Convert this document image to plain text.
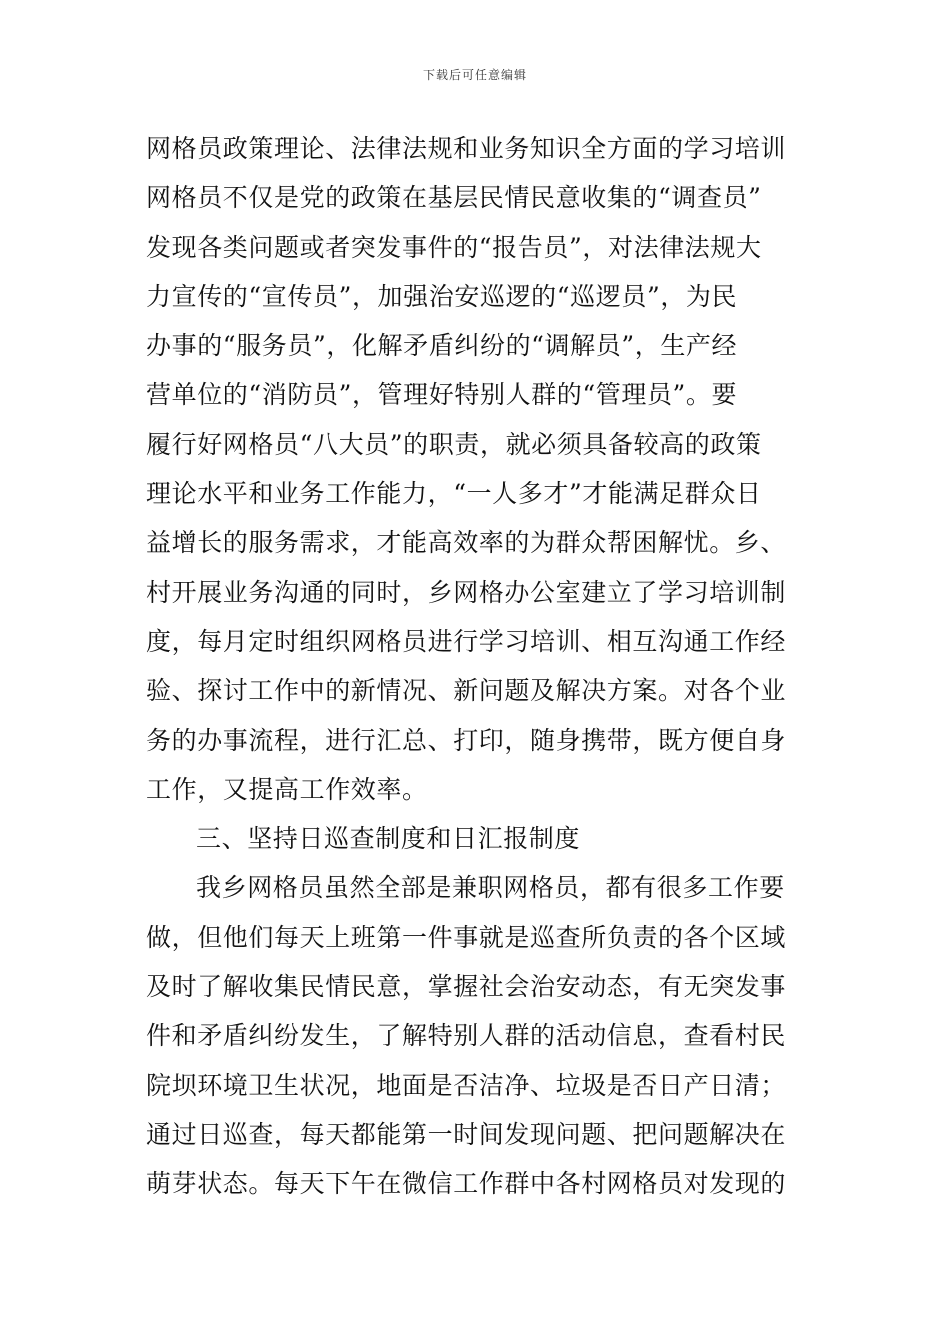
下载后可任意编辑
网格员政策理论、法律法规和业务知识全方面的学习培训
网格员不仅是党的政策在基层民情民意收集的“调查员”
发现各类问题或者突发事件的“报告员”，对法律法规大
力宣传的“宣传员”，加强治安巡逻的“巡逻员”，为民
办事的“服务员”，化解矛盾纠纷的“调解员”，生产经
营单位的“消防员”，管理好特别人群的“管理员”。要
履行好网格员“八大员”的职责，就必须具备较高的政策
理论水平和业务工作能力，“一人多才”才能满足群众日
益增长的服务需求，才能高效率的为群众帮困解忧。乡、
村开展业务沟通的同时，乡网格办公室建立了学习培训制
度，每月定时组织网格员进行学习培训、相互沟通工作经
验、探讨工作中的新情况、新问题及解决方案。对各个业
务的办事流程，进行汇总、打印，随身携带，既方便自身
工作，又提高工作效率。
三、坚持日巡查制度和日汇报制度
我乡网格员虽然全部是兼职网格员，都有很多工作要
做，但他们每天上班第一件事就是巡查所负责的各个区域
及时了解收集民情民意，掌握社会治安动态，有无突发事
件和矛盾纠纷发生，了解特别人群的活动信息，查看村民
院坝环境卫生状况，地面是否洁净、垃圾是否日产日清；
通过日巡查，每天都能第一时间发现问题、把问题解决在
萌芽状态。每天下午在微信工作群中各村网格员对发现的
